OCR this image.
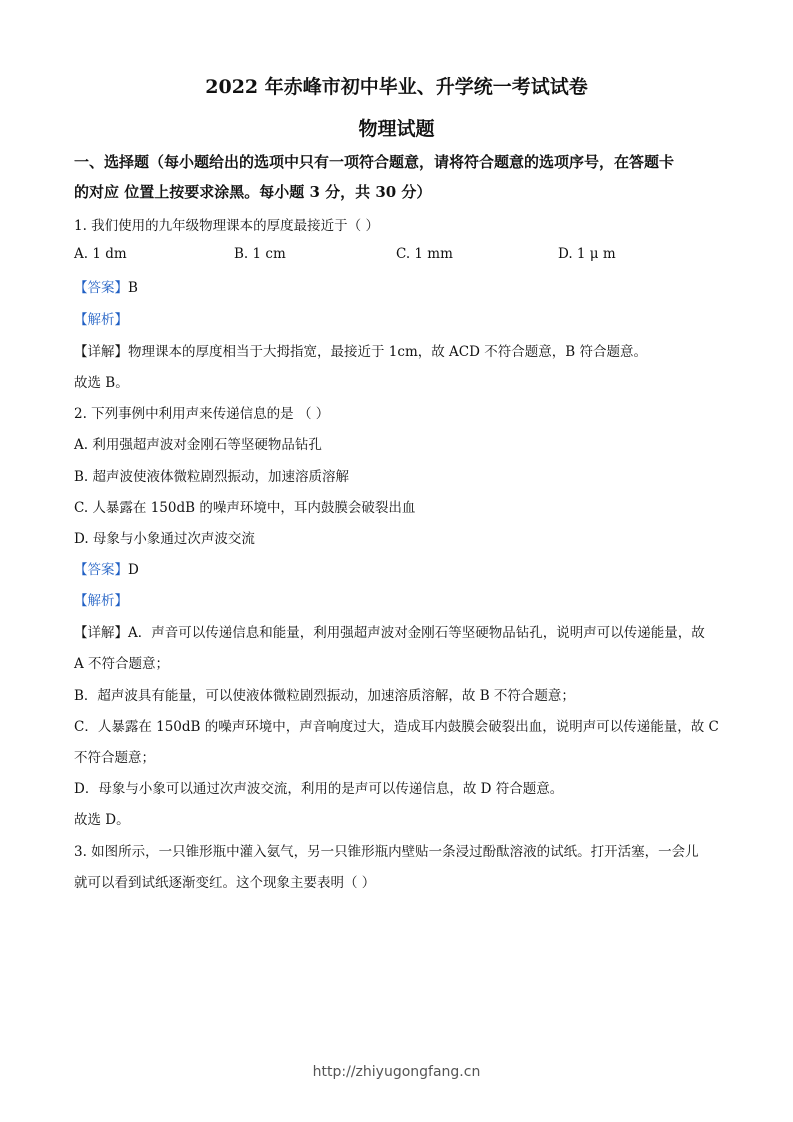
2022 年赤峰市初中毕业、升学统一考试试卷
物理试题
一、选择题（每小题给出的选项中只有一项符合题意，请将符合题意的选项序号，在答题卡
的对应 位置上按要求涂黑。每小题 3 分，共 30 分）
1. 我们使用的九年级物理课本的厚度最接近于（ ）
A. 1 dm	B. 1 cm	C. 1 mm	D. 1 μ m
【答案】B
【解析】
【详解】物理课本的厚度相当于大拇指宽，最接近于 1cm，故 ACD 不符合题意，B 符合题意。
故选 B。
2. 下列事例中利用声来传递信息的是 （ ）
A. 利用强超声波对金刚石等坚硬物品钻孔
B. 超声波使液体微粒剧烈振动，加速溶质溶解
C. 人暴露在 150dB 的噪声环境中，耳内鼓膜会破裂出血
D. 母象与小象通过次声波交流
【答案】D
【解析】
【详解】A．声音可以传递信息和能量，利用强超声波对金刚石等坚硬物品钻孔，说明声可以传递能量，故
A 不符合题意；
B．超声波具有能量，可以使液体微粒剧烈振动，加速溶质溶解，故 B 不符合题意；
C．人暴露在 150dB 的噪声环境中，声音响度过大，造成耳内鼓膜会破裂出血，说明声可以传递能量，故 C
不符合题意；
D．母象与小象可以通过次声波交流，利用的是声可以传递信息，故 D 符合题意。
故选 D。
3. 如图所示，一只锥形瓶中灌入氨气，另一只锥形瓶内壁贴一条浸过酚酞溶液的试纸。打开活塞，一会儿
就可以看到试纸逐渐变红。这个现象主要表明（ ）
http://zhiyugongfang.cn
